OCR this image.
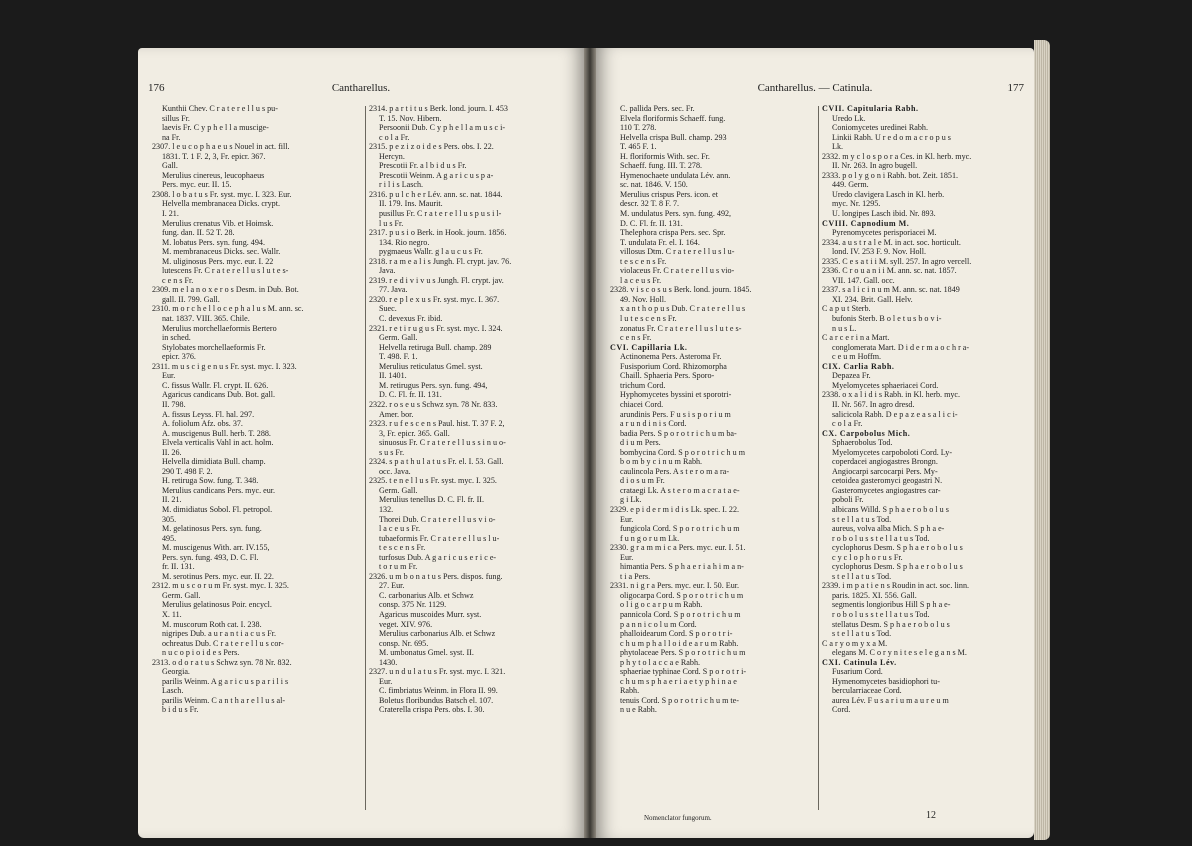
176	Cantharellus.
Kunthii Chev. C r a t e r e l l u s pu-
sillus Fr.
laevis Fr. C y p h e l l a muscige-
na Fr.
2307. l e u c o p h a e u s Nouel in act. fill.
1831. T. 1 F. 2, 3, Fr. epicr. 367.
Gall.
Merulius cinereus, leucophaeus
Pers. myc. eur. II. 15.
2308. l o b a t u s Fr. syst. myc. I. 323. Eur.
Helvella membranacea Dicks. crypt.
I. 21.
Merulius crenatus Vib. et Hoimsk.
fung. dan. II. 52 T. 28.
M. lobatus Pers. syn. fung. 494.
M. membranaceus Dicks. sec. Wallr.
M. uliginosus Pers. myc. eur. I. 22
lutescens Fr. C r a t e r e l l u s l u t e s-
c e n s Fr.
2309. m e l a n o x e r o s Desm. in Dub. Bot.
gall. II. 799. Gall.
2310. m o r c h e l l o c e p h a l u s M. ann. sc.
nat. 1837. VIII. 365. Chile.
Merulius morchellaeformis Bertero
in sched.
Stylobates morchellaeformis Fr.
epicr. 376.
2311. m u s c i g e n u s Fr. syst. myc. I. 323.
Eur.
C. fissus Wallr. Fl. crypt. II. 626.
Agaricus candicans Dub. Bot. gall.
II. 798.
A. fissus Leyss. Fl. hal. 297.
A. foliolum Afz. obs. 37.
A. muscigenus Bull. herb. T. 288.
Elvela verticalis Vahl in act. holm.
II. 26.
Helvella dimidiata Bull. champ.
290 T. 498 F. 2.
H. retiruga Sow. fung. T. 348.
Merulius candicans Pers. myc. eur.
II. 21.
M. dimidiatus Sobol. Fl. petropol.
305.
M. gelatinosus Pers. syn. fung.
495.
M. muscigenus With. arr. IV.155,
Pers. syn. fung. 493, D. C. Fl.
fr. II. 131.
M. serotinus Pers. myc. eur. II. 22.
2312. m u s c o r u m Fr. syst. myc. I. 325.
Germ. Gall.
Merulius gelatinosus Poir. encycl.
X. 11.
M. muscorum Roth cat. I. 238.
nigripes Dub. a u r a n t i a c u s Fr.
ochreatus Dub. C r a t e r e l l u s cor-
n u c o p i o i d e s Pers.
2313. o d o r a t u s Schwz syn. 78 Nr. 832.
Georgia.
parilis Weinm. A g a r i c u s p a r i l i s
Lasch.
parilis Weinm. C a n t h a r e l l u s al-
b i d u s Fr.
2314. p a r t i t u s Berk. lond. journ. I. 453
T. 15. Nov. Hibern.
Persoonii Dub. C y p h e l l a m u s c i-
c o l a Fr.
2315. p e z i z o i d e s Pers. obs. I. 22.
Hercyn.
Prescotii Fr. a l b i d u s Fr.
Prescotii Weinm. A g a r i c u s p a-
r i l i s Lasch.
2316. p u l c h e r Lév. ann. sc. nat. 1844.
II. 179. Ins. Maurit.
pusillus Fr. C r a t e r e l l u s p u s i l-
l u s Fr.
2317. p u s i o Berk. in Hook. journ. 1856.
134. Rio negro.
pygmaeus Wallr. g l a u c u s Fr.
2318. r a m e a l i s Jungh. Fl. crypt. jav. 76.
Java.
2319. r e d i v i v u s Jungh. Fl. crypt. jav.
77. Java.
2320. r e p l e x u s Fr. syst. myc. I. 367.
Suec.
C. devexus Fr. ibid.
2321. r e t i r u g u s Fr. syst. myc. I. 324.
Germ. Gall.
Helvella retiruga Bull. champ. 289
T. 498. F. 1.
Merulius reticulatus Gmel. syst.
II. 1401.
M. retirugus Pers. syn. fung. 494,
D. C. Fl. fr. II. 131.
2322. r o s e u s Schwz syn. 78 Nr. 833.
Amer. bor.
2323. r u f e s c e n s Paul. hist. T. 37 F. 2,
3, Fr. epicr. 365. Gall.
sinuosus Fr. C r a t e r e l l u s s i n u o-
s u s Fr.
2324. s p a t h u l a t u s Fr. el. I. 53. Gall.
occ. Java.
2325. t e n e l l u s Fr. syst. myc. I. 325.
Germ. Gall.
Merulius tenellus D. C. Fl. fr. II.
132.
Thorei Dub. C r a t e r e l l u s v i o-
l a c e u s Fr.
tubaeformis Fr. C r a t e r e l l u s l u-
t e s c e n s Fr.
turfosus Dub. A g a r i c u s e r i c e-
t o r u m Fr.
2326. u m b o n a t u s Pers. dispos. fung.
27. Eur.
C. carbonarius Alb. et Schwz
consp. 375 Nr. 1129.
Agaricus muscoides Murr. syst.
veget. XIV. 976.
Merulius carbonarius Alb. et Schwz
consp. Nr. 695.
M. umbonatus Gmel. syst. II.
1430.
2327. u n d u l a t u s Fr. syst. myc. I. 321.
Eur.
C. fimbriatus Weinm. in Flora II. 99.
Boletus floribundus Batsch el. 107.
Craterella crispa Pers. obs. I. 30.
Cantharellus. — Catinula.	177
C. pallida Pers. sec. Fr.
Elvela floriformis Schaeff. fung.
110 T. 278.
Helvella crispa Bull. champ. 293
T. 465 F. 1.
H. floriformis With. sec. Fr.
Schaeff. fung. III. T. 278.
Hymenochaete undulata Lév. ann.
sc. nat. 1846. V. 150.
Merulius crispus Pers. icon. et
descr. 32 T. 8 F. 7.
M. undulatus Pers. syn. fung. 492,
D. C. Fl. fr. II. 131.
Thelephora crispa Pers. sec. Spr.
T. undulata Fr. el. I. 164.
villosus Dtm. C r a t e r e l l u s l u-
t e s c e n s Fr.
violaceus Fr. C r a t e r e l l u s vio-
l a c e u s Fr.
2328. v i s c o s u s Berk. lond. journ. 1845.
49. Nov. Holl.
x a n t h o p u s Dub. C r a t e r e l l u s
l u t e s c e n s Fr.
zonatus Fr. C r a t e r e l l u s l u t e s-
c e n s Fr.
CVI. Capillaria Lk.
Actinonema Pers. Asteroma Fr.
Fusisporium Cord. Rhizomorpha
Chaill. Sphaeria Pers. Sporo-
trichum Cord.
Hyphomycetes byssini et sporotri-
chiacei Cord.
arundinis Pers. F u s i s p o r i u m
a r u n d i n i s Cord.
badia Pers. S p o r o t r i c h u m ba-
d i u m Pers.
bombycina Cord. S p o r o t r i c h u m
b o m b y c i n u m Rabh.
caulincola Pers. A s t e r o m a ra-
d i o s u m Fr.
crataegi Lk. A s t e r o m a c r a t a e-
g i Lk.
2329. e p i d e r m i d i s Lk. spec. I. 22.
Eur.
fungicola Cord. S p o r o t r i c h u m
f u n g o r u m Lk.
2330. g r a m m i c a Pers. myc. eur. I. 51.
Eur.
himantia Pers. S p h a e r i a h i m a n-
t i a Pers.
2331. n i g r a Pers. myc. eur. I. 50. Eur.
oligocarpa Cord. S p o r o t r i c h u m
o l i g o c a r p u m Rabh.
pannicola Cord. S p o r o t r i c h u m
p a n n i c o l u m Cord.
phalloidearum Cord. S p o r o t r i-
c h u m p h a l l o i d e a r u m Rabh.
phytolaceae Pers. S p o r o t r i c h u m
p h y t o l a c c a e Rabh.
sphaeriae typhinae Cord. S p o r o t r i-
c h u m s p h a e r i a e t y p h i n a e
Rabh.
tenuis Cord. S p o r o t r i c h u m te-
n u e Rabh.
CVII. Capitularia Rabh.
Uredo Lk.
Coniomycetes uredinei Rabh.
Linkii Rabh. U r e d o m a c r o p u s
Lk.
2332. m y c l o s p o r a Ces. in Kl. herb. myc.
II. Nr. 263. In agro bugell.
2333. p o l y g o n i Rabh. bot. Zeit. 1851.
449. Germ.
Uredo clavigera Lasch in Kl. herb.
myc. Nr. 1295.
U. longipes Lasch ibid. Nr. 893.
CVIII. Capnodium M.
Pyrenomycetes perisporiacei M.
2334. a u s t r a l e M. in act. soc. horticult.
lond. IV. 253 F. 9. Nov. Holl.
2335. C e s a t i i M. syll. 257. In agro vercell.
2336. C r o u a n i i M. ann. sc. nat. 1857.
VII. 147. Gall. occ.
2337. s a l i c i n u m M. ann. sc. nat. 1849
XI. 234. Brit. Gall. Helv.
C a p u t Sterb.
bufonis Sterb. B o l e t u s b o v i-
n u s L.
C a r c e r i n a Mart.
conglomerata Mart. D i d e r m a o c h r a-
c e u m Hoffm.
CIX. Carlia Rabh.
Depazea Fr.
Myelomycetes sphaeriacei Cord.
2338. o x a l i d i s Rabh. in Kl. herb. myc.
II. Nr. 567. In agro dresd.
salicicola Rabh. D e p a z e a s a l i c i-
c o l a Fr.
CX. Carpobolus Mich.
Sphaerobolus Tod.
Myelomycetes carpoboloti Cord. Ly-
coperdacei angiogastres Brongn.
Angiocarpi sarcocarpi Pers. My-
cetoidea gasteromyci geogastri N.
Gasteromycetes angiogastres car-
poboli Fr.
albicans Willd. S p h a e r o b o l u s
s t e l l a t u s Tod.
aureus, volva alba Mich. S p h a e-
r o b o l u s s t e l l a t u s Tod.
cyclophorus Desm. S p h a e r o b o l u s
c y c l o p h o r u s Fr.
cyclophorus Desm. S p h a e r o b o l u s
s t e l l a t u s Tod.
2339. i m p a t i e n s Roudin in act. soc. linn.
paris. 1825. XI. 556. Gall.
segmentis longioribus Hill S p h a e-
r o b o l u s s t e l l a t u s Tod.
stellatus Desm. S p h a e r o b o l u s
s t e l l a t u s Tod.
C a r y o m y x a M.
elegans M. C o r y n i t e s e l e g a n s M.
CXI. Catinula Lév.
Fusarium Cord.
Hymenomycetes basidiophori tu-
bercularriaceae Cord.
aurea Lév. F u s a r i u m a u r e u m
Cord.
Nomenclator fungorum.	12
